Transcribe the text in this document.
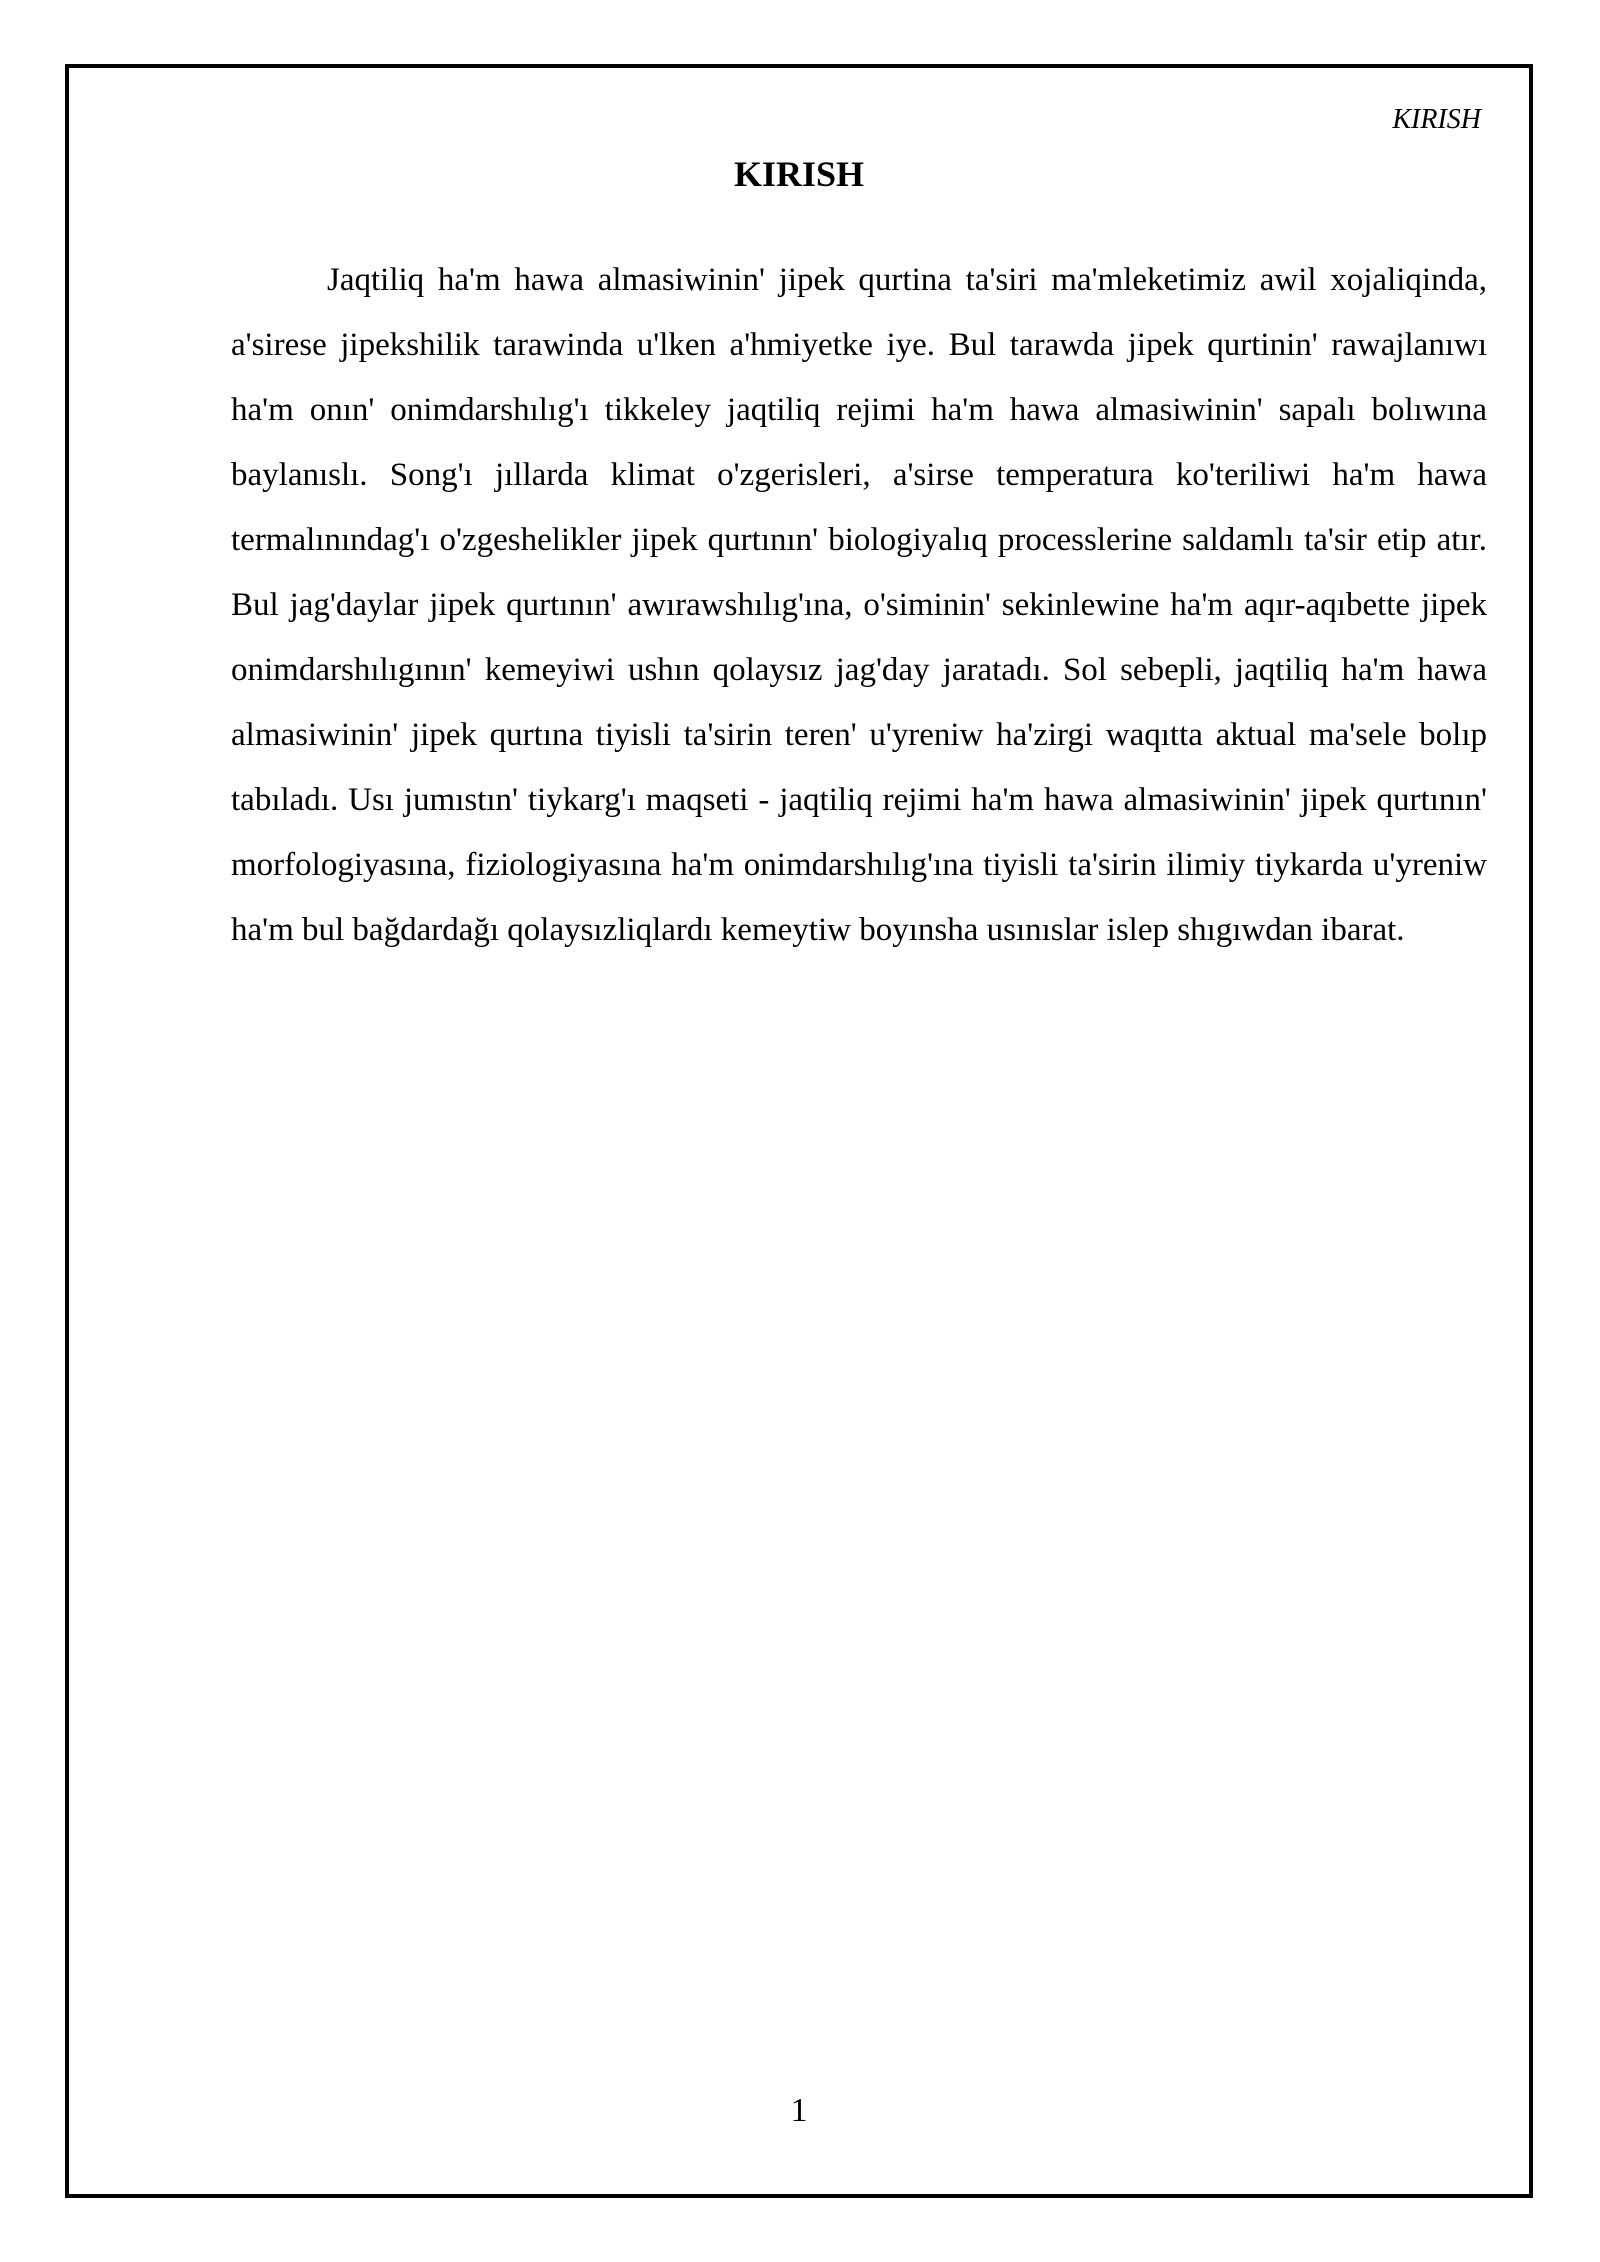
KIRISH
KIRISH

Jaqtiliq ha'm hawa almasiwinin' jipek qurtina ta'siri ma'mleketimiz awil xojaliqinda, a'sirese jipekshilik tarawinda u'lken a'hmiyetke iye. Bul tarawda jipek qurtinin' rawajlanıwı ha'm onın' onimdarshılıg'ı tikkeley jaqtiliq rejimi ha'm hawa almasiwinin' sapalı bolıwına baylanıslı. Song'ı jıllarda klimat o'zgerisleri, a'sirse temperatura ko'teriliwi ha'm hawa termalınındag'ı o'zgeshelikler jipek qurtının' biologiyalıq processlerine saldamlı ta'sir etip atır. Bul jag'daylar jipek qurtının' awırawshılıg'ına, o'siminin' sekinlewine ha'm aqır-aqıbette jipek onimdarshılıgının' kemeyiwi ushın qolaysız jag'day jaratadı. Sol sebepli, jaqtiliq ha'm hawa almasiwinin' jipek qurtına tiyisli ta'sirin teren' u'yreniw ha'zirgi waqıtta aktual ma'sele bolıp tabıladı. Usı jumıstın' tiykarg'ı maqseti - jaqtiliq rejimi ha'm hawa almasiwinin' jipek qurtının' morfologiyasına, fiziologiyasına ha'm onimdarshılıg'ına tiyisli ta'sirin ilimiy tiykarda u'yreniw ha'm bul bağdardağı qolaysızliqlardı kemeytiw boyınsha usınıslar islep shıgıwdan ibarat.

1
